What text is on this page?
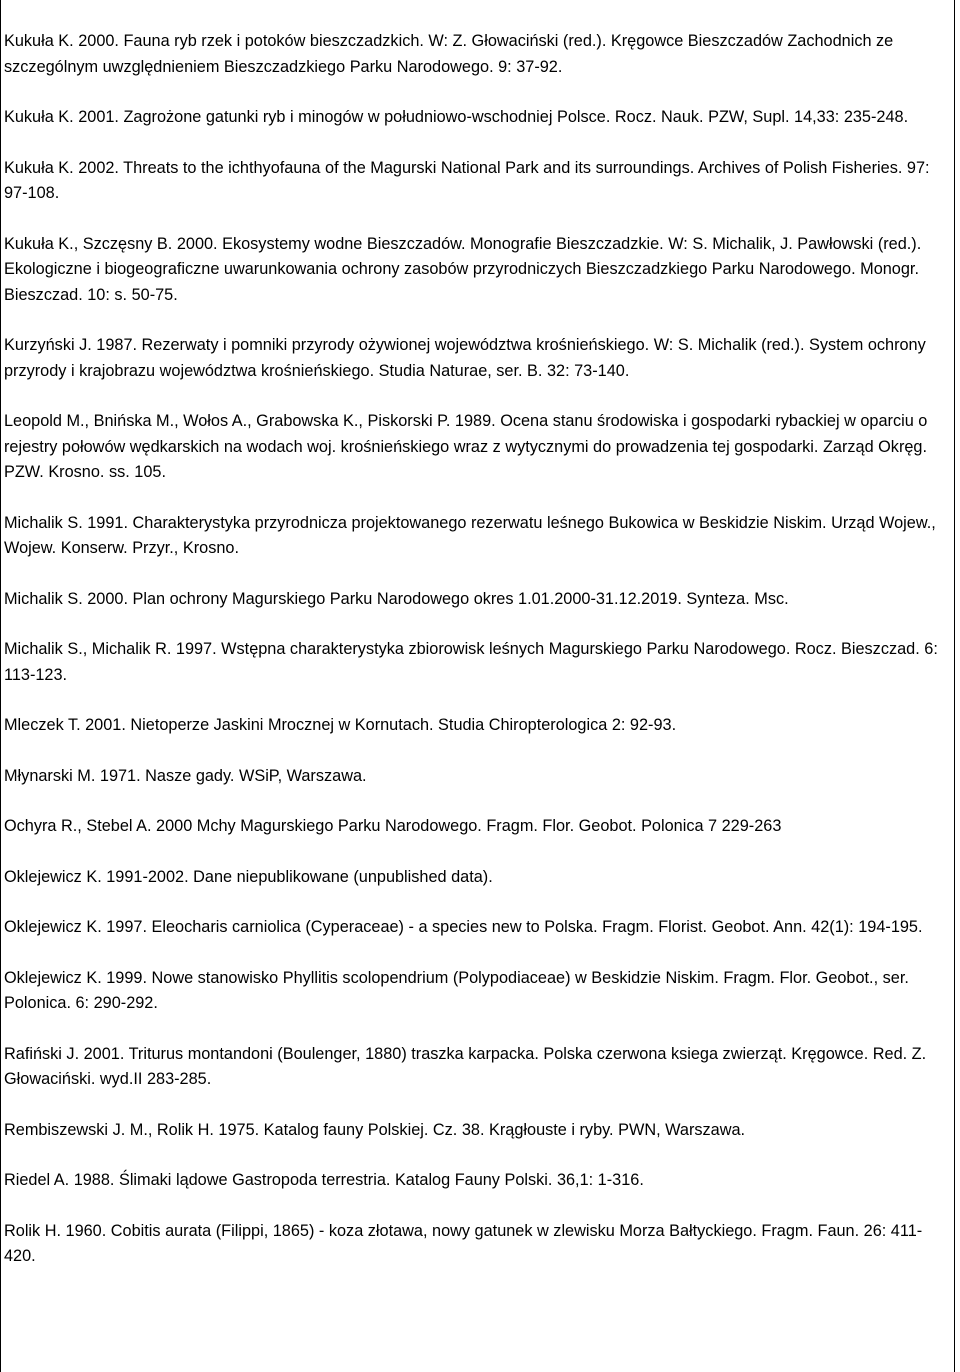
Kukuła K. 2000. Fauna ryb rzek i potoków bieszczadzkich. W: Z. Głowaciński (red.). Kręgowce Bieszczadów Zachodnich ze szczególnym uwzględnieniem Bieszczadzkiego Parku Narodowego. 9: 37-92.
Kukuła K. 2001. Zagrożone gatunki ryb i minogów w południowo-wschodniej Polsce. Rocz. Nauk. PZW, Supl. 14,33: 235-248.
Kukuła K. 2002. Threats to the ichthyofauna of the Magurski National Park and its surroundings. Archives of Polish Fisheries. 97: 97-108.
Kukuła K., Szczęsny B. 2000. Ekosystemy wodne Bieszczadów. Monografie Bieszczadzkie. W: S. Michalik, J. Pawłowski (red.). Ekologiczne i biogeograficzne uwarunkowania ochrony zasobów przyrodniczych Bieszczadzkiego Parku Narodowego. Monogr. Bieszczad. 10: s. 50-75.
Kurzyński J. 1987. Rezerwaty i pomniki przyrody ożywionej województwa krośnieńskiego. W: S. Michalik (red.). System ochrony przyrody i krajobrazu województwa krośnieńskiego. Studia Naturae, ser. B. 32: 73-140.
Leopold M., Bnińska M., Wołos A., Grabowska K., Piskorski P. 1989. Ocena stanu środowiska i gospodarki rybackiej w oparciu o rejestry połowów wędkarskich na wodach woj. krośnieńskiego wraz z wytycznymi do prowadzenia tej gospodarki. Zarząd Okręg. PZW. Krosno. ss. 105.
Michalik S. 1991. Charakterystyka przyrodnicza projektowanego rezerwatu leśnego Bukowica w Beskidzie Niskim. Urząd Wojew., Wojew. Konserw. Przyr., Krosno.
Michalik S. 2000. Plan ochrony Magurskiego Parku Narodowego okres 1.01.2000-31.12.2019. Synteza. Msc.
Michalik S., Michalik R. 1997. Wstępna charakterystyka zbiorowisk leśnych Magurskiego Parku Narodowego. Rocz. Bieszczad. 6: 113-123.
Mleczek T. 2001. Nietoperze Jaskini Mrocznej w Kornutach. Studia Chiropterologica 2: 92-93.
Młynarski M. 1971. Nasze gady. WSiP, Warszawa.
Ochyra R., Stebel A. 2000 Mchy Magurskiego Parku Narodowego. Fragm. Flor. Geobot. Polonica 7 229-263
Oklejewicz K. 1991-2002. Dane niepublikowane (unpublished data).
Oklejewicz K. 1997. Eleocharis carniolica (Cyperaceae) - a species new to Polska. Fragm. Florist. Geobot. Ann. 42(1): 194-195.
Oklejewicz K. 1999. Nowe stanowisko Phyllitis scolopendrium (Polypodiaceae) w Beskidzie Niskim. Fragm. Flor. Geobot., ser. Polonica. 6: 290-292.
Rafiński J. 2001. Triturus montandoni (Boulenger, 1880) traszka karpacka. Polska czerwona ksiega zwierząt. Kręgowce. Red. Z. Głowaciński. wyd.II 283-285.
Rembiszewski J. M., Rolik H. 1975. Katalog fauny Polskiej. Cz. 38. Krągłouste i ryby. PWN, Warszawa.
Riedel A. 1988. Ślimaki lądowe Gastropoda terrestria. Katalog Fauny Polski. 36,1: 1-316.
Rolik H. 1960. Cobitis aurata (Filippi, 1865) - koza złotawa, nowy gatunek w zlewisku Morza Bałtyckiego. Fragm. Faun. 26: 411-420.
